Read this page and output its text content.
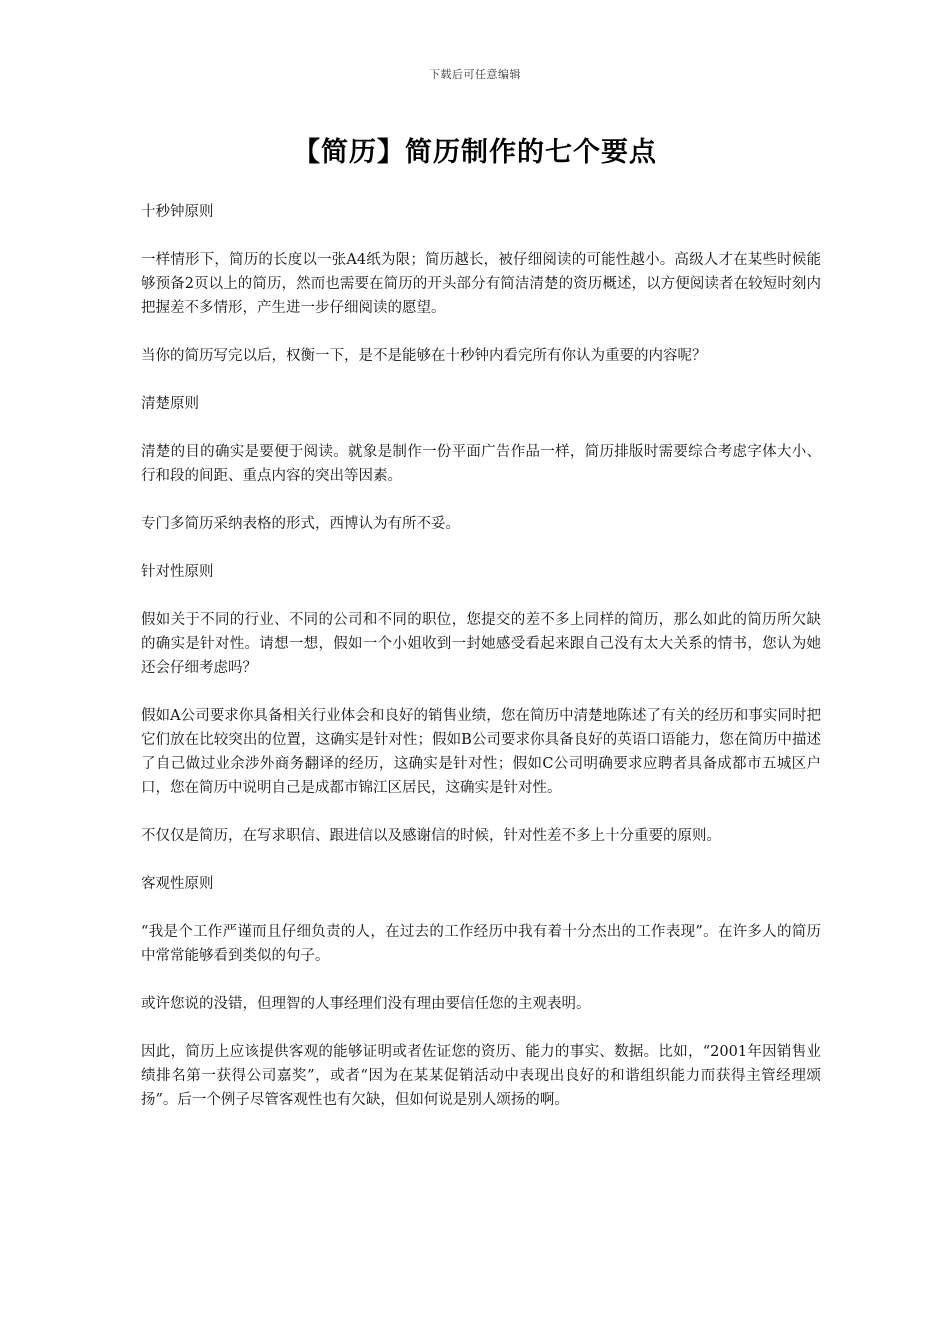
下载后可任意编辑
【简历】简历制作的七个要点

十秒钟原则

一样情形下，简历的长度以一张A4纸为限；简历越长，被仔细阅读的可能性越小。高级人才在某些时候能够预备2页以上的简历，然而也需要在简历的开头部分有简洁清楚的资历概述，以方便阅读者在较短时刻内把握差不多情形，产生进一步仔细阅读的愿望。

当你的简历写完以后，权衡一下，是不是能够在十秒钟内看完所有你认为重要的内容呢？

清楚原则

清楚的目的确实是要便于阅读。就象是制作一份平面广告作品一样，简历排版时需要综合考虑字体大小、行和段的间距、重点内容的突出等因素。

专门多简历采纳表格的形式，西博认为有所不妥。

针对性原则

假如关于不同的行业、不同的公司和不同的职位，您提交的差不多上同样的简历，那么如此的简历所欠缺的确实是针对性。请想一想，假如一个小姐收到一封她感受看起来跟自己没有太大关系的情书，您认为她还会仔细考虑吗？

假如A公司要求你具备相关行业体会和良好的销售业绩，您在简历中清楚地陈述了有关的经历和事实同时把它们放在比较突出的位置，这确实是针对性；假如B公司要求你具备良好的英语口语能力，您在简历中描述了自己做过业余涉外商务翻译的经历，这确实是针对性；假如C公司明确要求应聘者具备成都市五城区户口，您在简历中说明自己是成都市锦江区居民，这确实是针对性。

不仅仅是简历，在写求职信、跟进信以及感谢信的时候，针对性差不多上十分重要的原则。

客观性原则

“我是个工作严谨而且仔细负责的人，在过去的工作经历中我有着十分杰出的工作表现”。在许多人的简历中常常能够看到类似的句子。

或许您说的没错，但理智的人事经理们没有理由要信任您的主观表明。

因此，简历上应该提供客观的能够证明或者佐证您的资历、能力的事实、数据。比如，“2001年因销售业绩排名第一获得公司嘉奖”，或者“因为在某某促销活动中表现出良好的和谐组织能力而获得主管经理颂扬”。后一个例子尽管客观性也有欠缺，但如何说是别人颂扬的啊。
